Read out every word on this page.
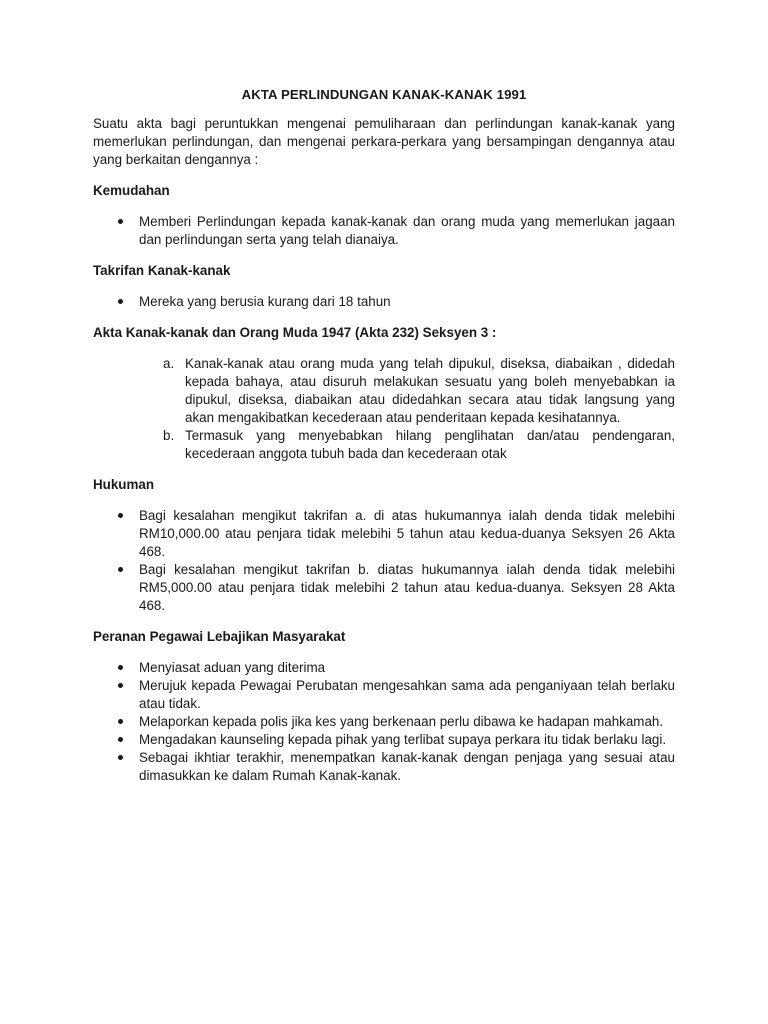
AKTA PERLINDUNGAN KANAK-KANAK 1991

Suatu akta bagi peruntukkan mengenai pemuliharaan dan perlindungan kanak-kanak yang memerlukan perlindungan, dan mengenai perkara-perkara yang bersampingan dengannya atau yang berkaitan dengannya :

Kemudahan
Memberi Perlindungan kepada kanak-kanak dan orang muda yang memerlukan jagaan dan perlindungan serta yang telah dianaiya.
Takrifan Kanak-kanak
Mereka yang berusia kurang dari 18 tahun
Akta Kanak-kanak dan Orang Muda 1947 (Akta 232) Seksyen 3 :
a. Kanak-kanak atau orang muda yang telah dipukul, diseksa, diabaikan , didedah kepada bahaya, atau disuruh melakukan sesuatu yang boleh menyebabkan ia dipukul, diseksa, diabaikan atau didedahkan secara atau tidak langsung yang akan mengakibatkan kecederaan atau penderitaan kepada kesihatannya.
b. Termasuk yang menyebabkan hilang penglihatan dan/atau pendengaran, kecederaan anggota tubuh bada dan kecederaan otak
Hukuman
Bagi kesalahan mengikut takrifan a. di atas hukumannya ialah denda tidak melebihi RM10,000.00 atau penjara tidak melebihi 5 tahun atau kedua-duanya Seksyen 26 Akta 468.
Bagi kesalahan mengikut takrifan b. diatas hukumannya ialah denda tidak melebihi RM5,000.00 atau penjara tidak melebihi 2 tahun atau kedua-duanya. Seksyen 28 Akta 468.
Peranan Pegawai Lebajikan Masyarakat
Menyiasat aduan yang diterima
Merujuk kepada Pewagai Perubatan mengesahkan sama ada penganiyaan telah berlaku atau tidak.
Melaporkan kepada polis jika kes yang berkenaan perlu dibawa ke hadapan mahkamah.
Mengadakan kaunseling kepada pihak yang terlibat supaya perkara itu tidak berlaku lagi.
Sebagai ikhtiar terakhir, menempatkan kanak-kanak dengan penjaga yang sesuai atau dimasukkan ke dalam Rumah Kanak-kanak.
